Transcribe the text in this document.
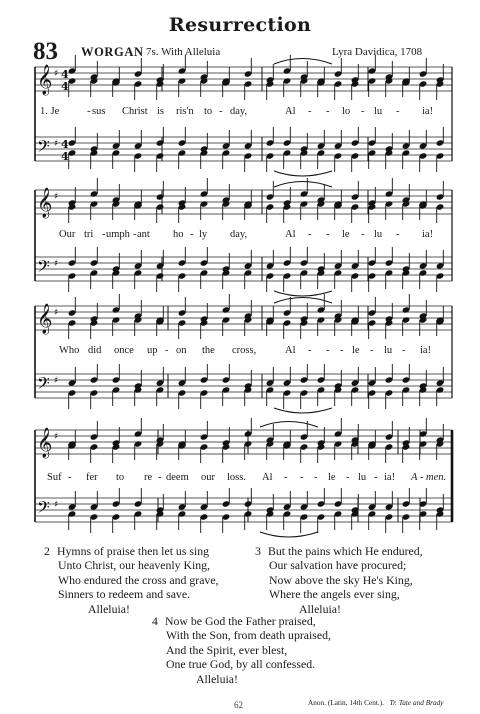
Resurrection
83 WORGAN 7s. With Alleluia	Lyra Davidica, 1708
𝄞 ♯ 4
4
𝄢 ♯ 4
4
𝄞 ♯
𝄢 ♯
𝄞 ♯
𝄢 ♯
𝄞 ♯
𝄢 ♯
1. Je	- sus Christ is ris'n to - day,	Al - - lo - lu - ia!
Our tri - umph - ant ho - ly day,	Al - - le - lu - ia!
Who did once up - on the cross,	Al - - - le - lu - ia!
Suf - fer to re - deem our loss. Al - - - le - lu - ia! A - men.
2 Hymns of praise then let us sing
Unto Christ, our heavenly King,
Who endured the cross and grave,
Sinners to redeem and save.
Alleluia!
3 But the pains which He endured,
Our salvation have procured;
Now above the sky He's King,
Where the angels ever sing,
Alleluia!
4 Now be God the Father praised,
With the Son, from death upraised,
And the Spirit, ever blest,
One true God, by all confessed.
Alleluia!
62	Anon. (Latin, 14th Cent.). Tr. Tate and Brady
